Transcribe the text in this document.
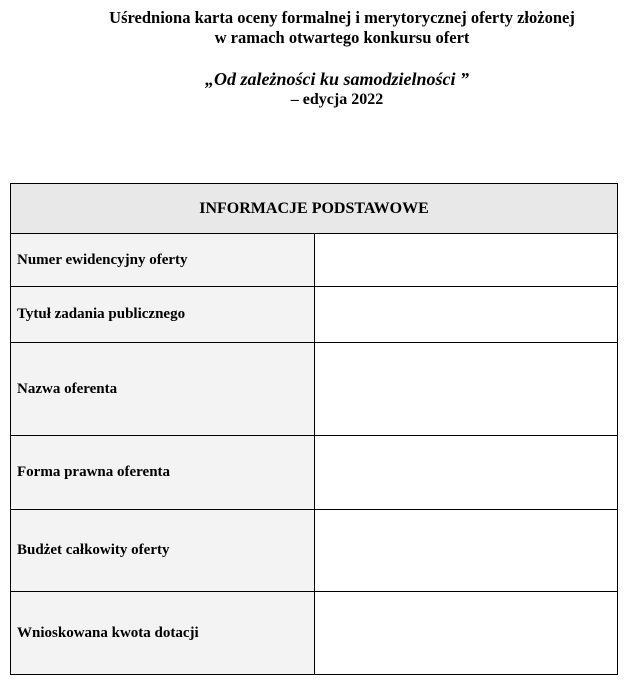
Uśredniona karta oceny formalnej i merytorycznej oferty złożonej
w ramach otwartego konkursu ofert
„Od zależności ku samodzielności ”
– edycja 2022
INFORMACJE PODSTAWOWE	
Numer ewidencyjny oferty	
Tytuł zadania publicznego	
Nazwa oferenta	
Forma prawna oferenta	
Budżet całkowity oferty	
Wnioskowana kwota dotacji	
